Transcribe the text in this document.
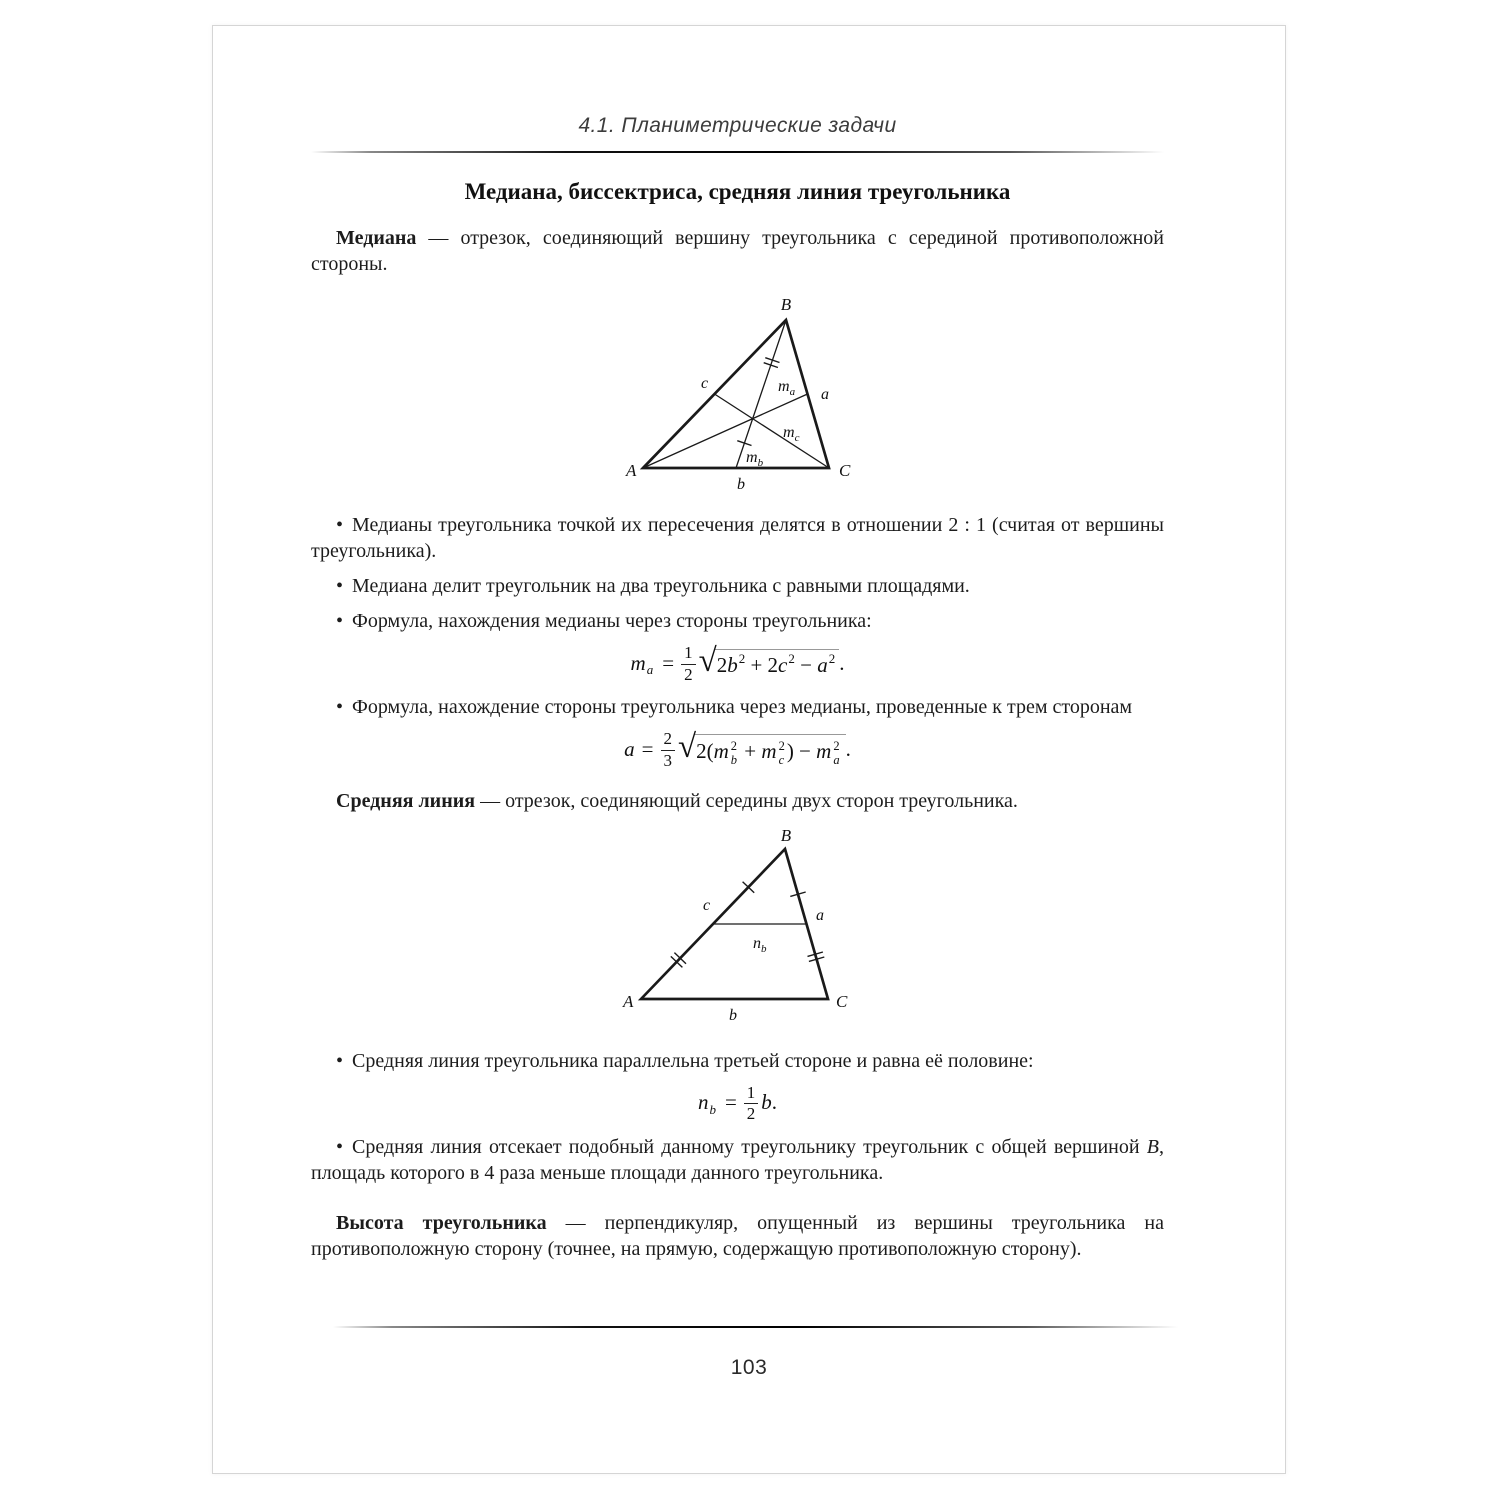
4.1. Планиметрические задачи
Медиана, биссектриса, средняя линия треугольника

Медиана — отрезок, соединяющий вершину треугольника с серединой противоположной стороны.

B
A	C
c
a
b
$m_a$
$m_c$
$m_b$

• Медианы треугольника точкой их пересечения делятся в отношении 2 : 1 (считая от вершины треугольника).

• Медиана делит треугольник на два треугольника с равными площадями.

• Формула, нахождения медианы через стороны треугольника:

m $a = \frac{1}{2}$ √ 2 b 2 + 2 c 2 − a 2 .

• Формула, нахождение стороны треугольника через медианы, проведенные к трем сторонам

$a = \frac{2}{3}$ √ 2( m 2
b + m 2
c ) − m 2
a .

Средняя линия — отрезок, соединяющий середины двух сторон треугольника.

B
A	C
c
a
$n_b$
b

• Средняя линия треугольника параллельна третьей стороне и равна её половине:

n $b = \frac{1}{2}$ b .

• Средняя линия отсекает подобный данному треугольнику треугольник с общей вершиной B, площадь которого в 4 раза меньше площади данного треугольника.

Высота треугольника — перпендикуляр, опущенный из вершины треугольника на противоположную сторону (точнее, на прямую, содержащую противоположную сторону).

103
